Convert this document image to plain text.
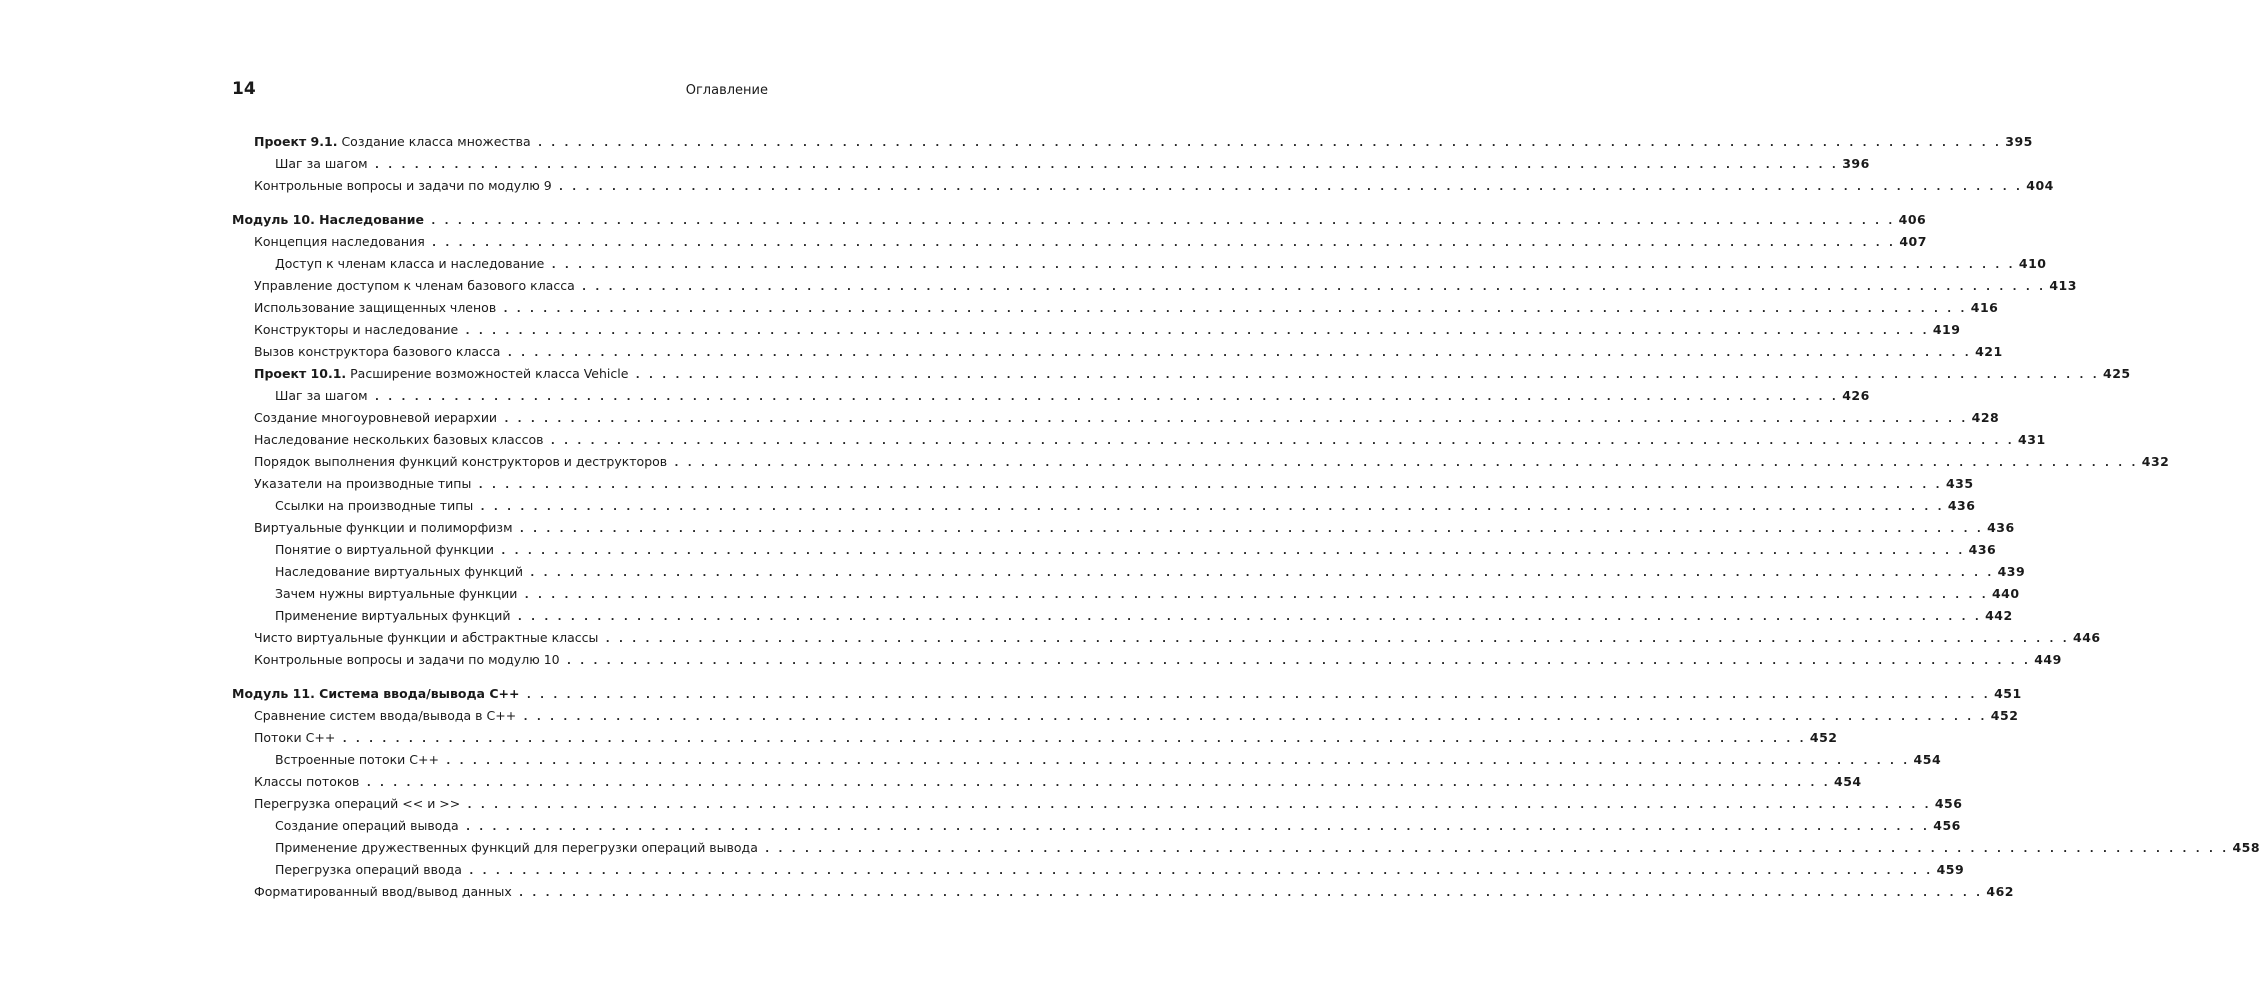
14	Оглавление
Проект 9.1. Создание класса множества . . .	395
Шаг за шагом . . .	396
Контрольные вопросы и задачи по модулю 9 . . .	404
Модуль 10. Наследование . . .	406
Концепция наследования . . .	407
Доступ к членам класса и наследование . . .	410
Управление доступом к членам базового класса . . .	413
Использование защищенных членов . . .	416
Конструкторы и наследование . . .	419
Вызов конструктора базового класса . . .	421
Проект 10.1. Расширение возможностей класса Vehicle . . .	425
Шаг за шагом . . .	426
Создание многоуровневой иерархии . . .	428
Наследование нескольких базовых классов . . .	431
Порядок выполнения функций конструкторов и деструкторов . . .	432
Указатели на производные типы . . .	435
Ссылки на производные типы . . .	436
Виртуальные функции и полиморфизм . . .	436
Понятие о виртуальной функции . . .	436
Наследование виртуальных функций . . .	439
Зачем нужны виртуальные функции . . .	440
Применение виртуальных функций . . .	442
Чисто виртуальные функции и абстрактные классы . . .	446
Контрольные вопросы и задачи по модулю 10 . . .	449
Модуль 11. Система ввода/вывода С++ . . .	451
Сравнение систем ввода/вывода в С++ . . .	452
Потоки С++ . . .	452
Встроенные потоки С++ . . .	454
Классы потоков . . .	454
Перегрузка операций << и >> . . .	456
Создание операций вывода . . .	456
Применение дружественных функций для перегрузки операций вывода . . .	458
Перегрузка операций ввода . . .	459
Форматированный ввод/вывод данных . . .	462
